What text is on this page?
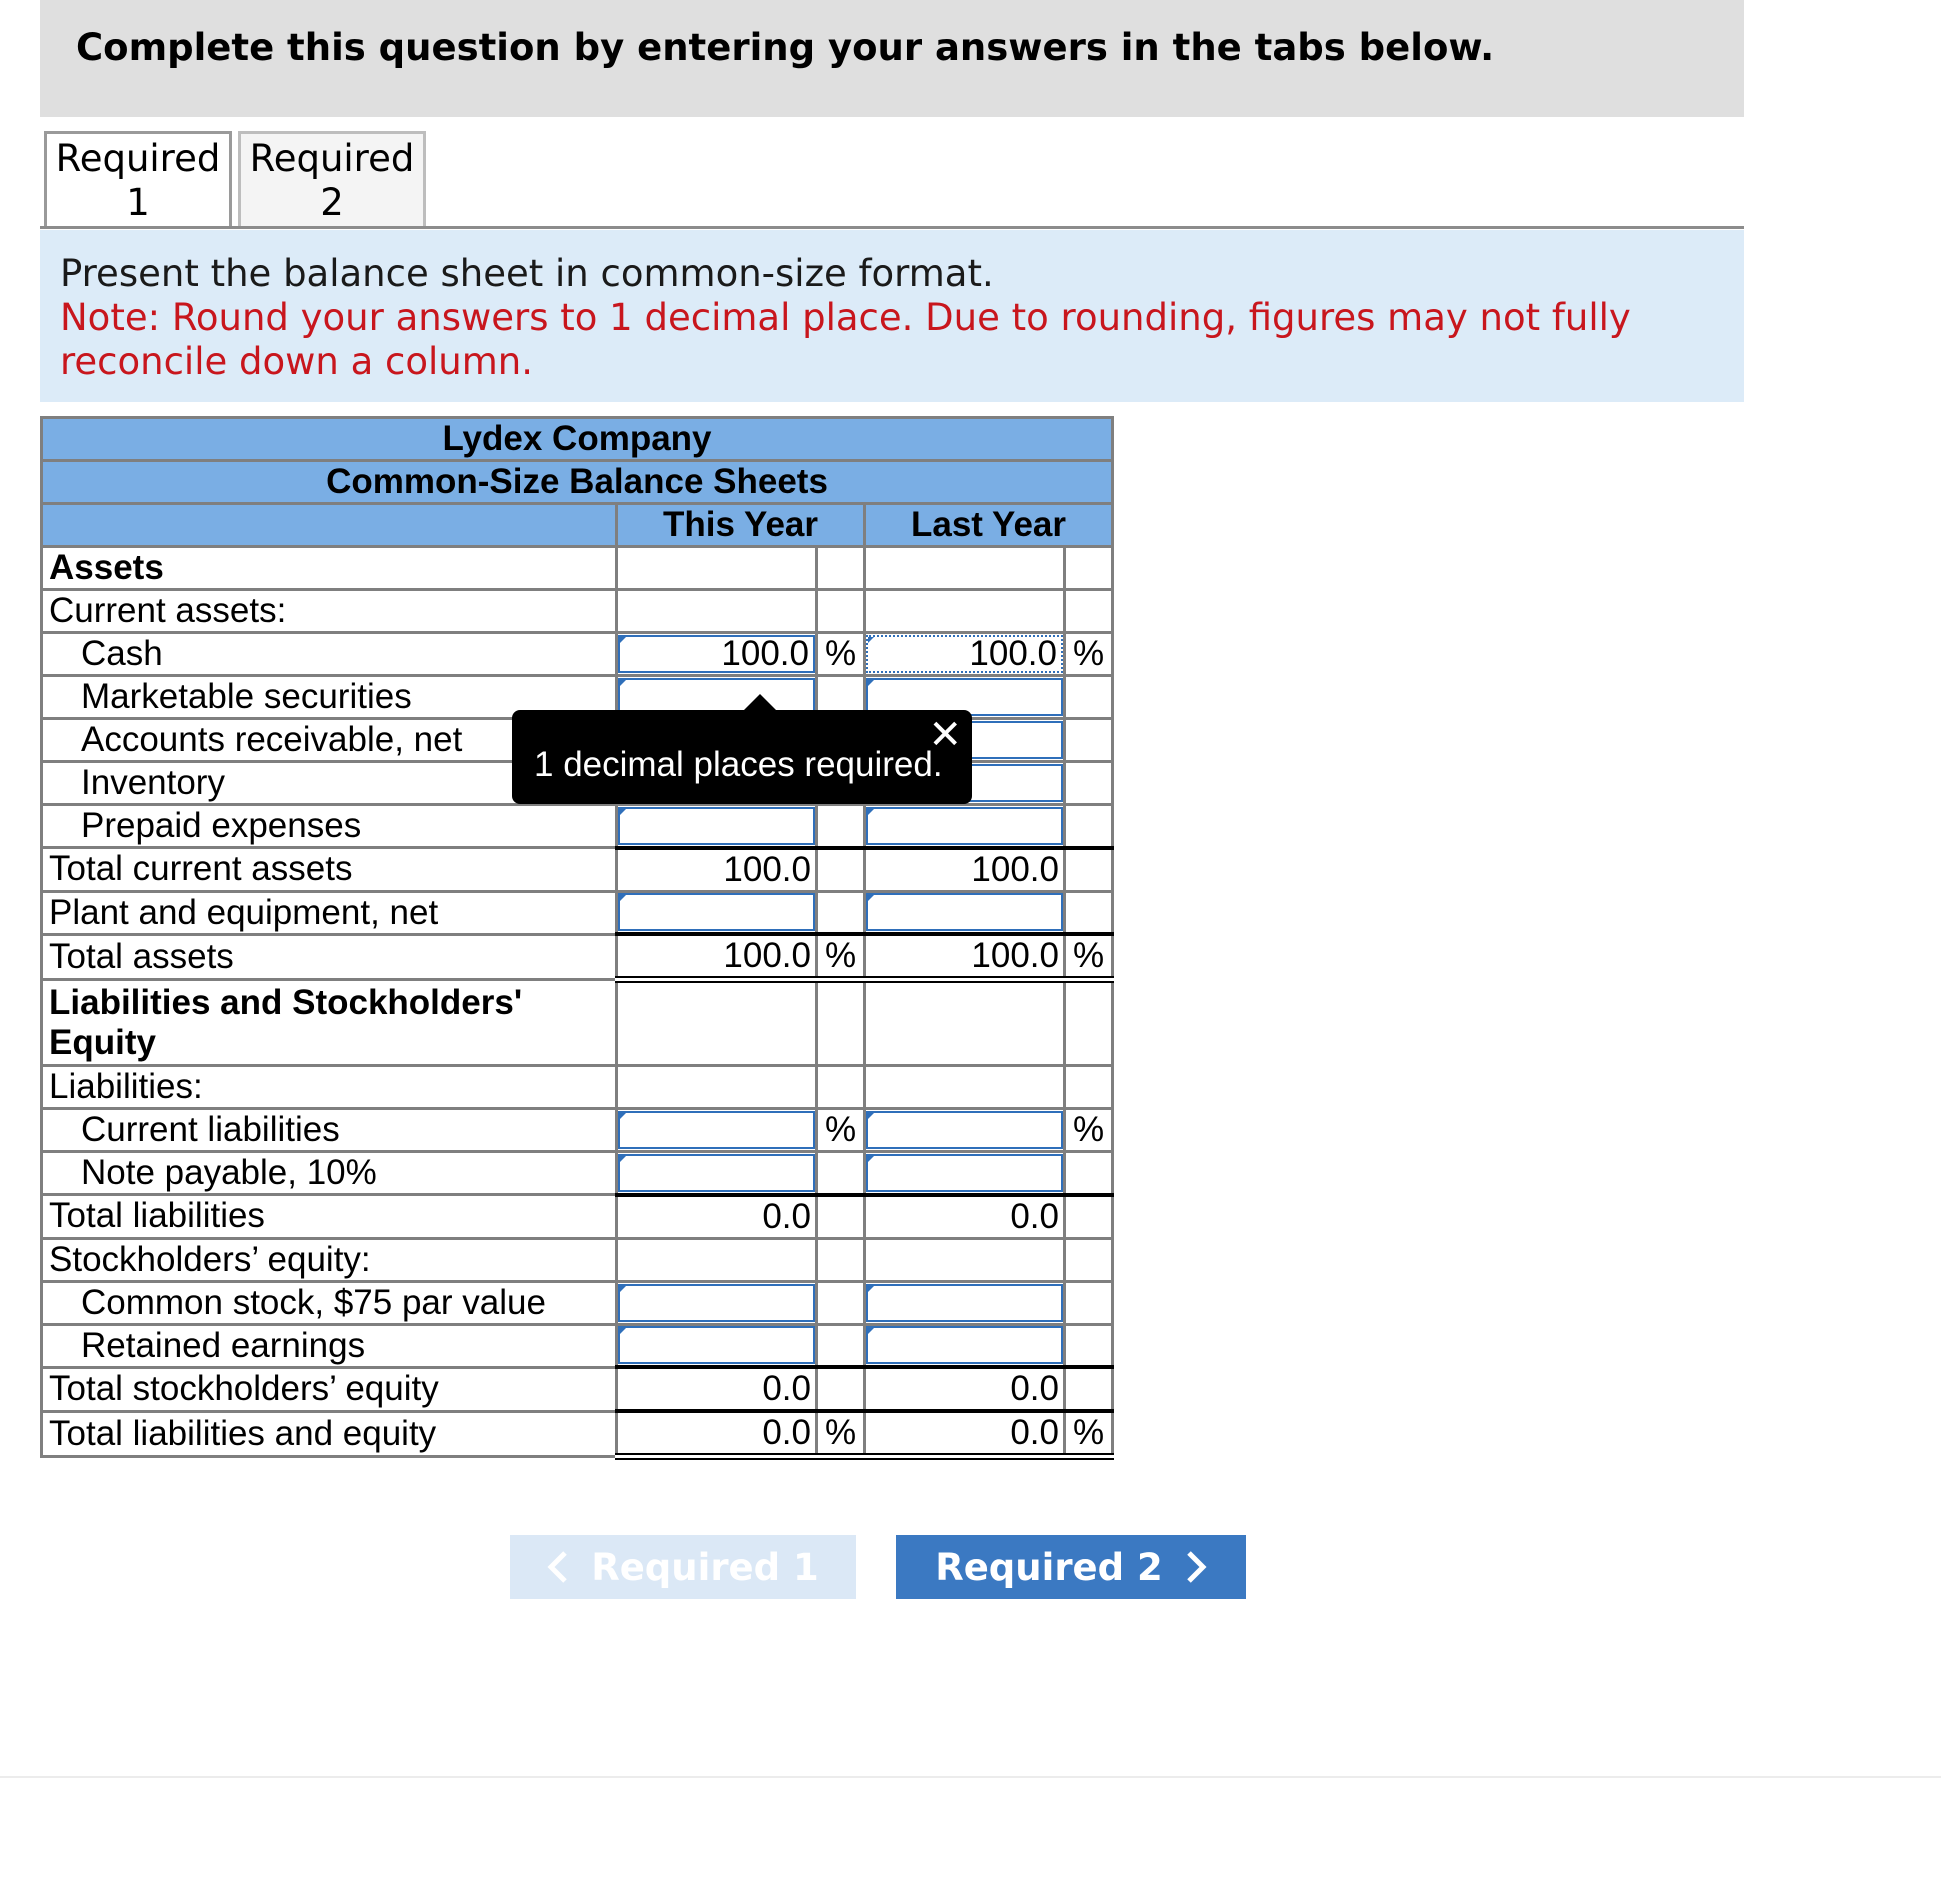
Complete this question by entering your answers in the tabs below.
Required
1
Required
2
Present the balance sheet in common-size format.
Note: Round your answers to 1 decimal place. Due to rounding, figures may not fully reconcile down a column.
Lydex Company				
Common-Size Balance Sheets				
	This Year		Last Year	
Assets				
Current assets:				
Cash	100.0	%	100.0	%
Marketable securities	

Accounts receivable, net	

Inventory	

Prepaid expenses	

Total current assets	100.0		100.0	
Plant and equipment, net	

Total assets	100.0	%	100.0	%
Liabilities and Stockholders' Equity				
Liabilities:				
Current liabilities		%		%
Note payable, 10%	

Total liabilities	0.0		0.0	
Stockholders’ equity:				
Common stock, $75 par value	

Retained earnings	

Total stockholders’ equity	0.0		0.0	
Total liabilities and equity	0.0	%	0.0	%
1 decimal places required.
✕
Required 1	Required 2
